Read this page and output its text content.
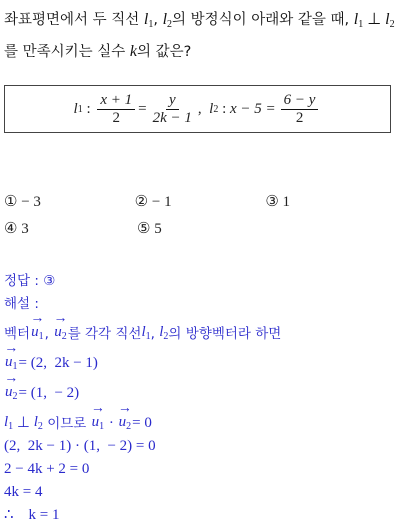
좌표평면에서 두 직선 $l_1$, $l_2$의 방정식이 아래와 같을 때, $l_1$ ⊥ $l_2$
를 만족시키는 실수 k의 값은?
l 1 : $\frac{x + 1}{2} = \frac{y}{2k - 1}$ , l 2 : $x - 5 = \frac{6 - y}{2}$
① − 3	② − 1	③ 1
④ 3	⑤ 5
정답 :
③
해설 :
벡터 → $u_1$ , → $u_2$ 를 각각 직선 $l_1$ , $l_2$ 의 방향벡터라 하면
→ $u_1 = (2$,  2k − 1)
→ $u_2 = (1$,  − 2)
$l_1$ ⊥ $l_2$ 이므로 → $u_1$ · → $u_2 = 0$
(2,  2k − 1) · (1,  − 2) = 0
2 − 4k + 2 = 0
4k = 4
∴    k = 1
